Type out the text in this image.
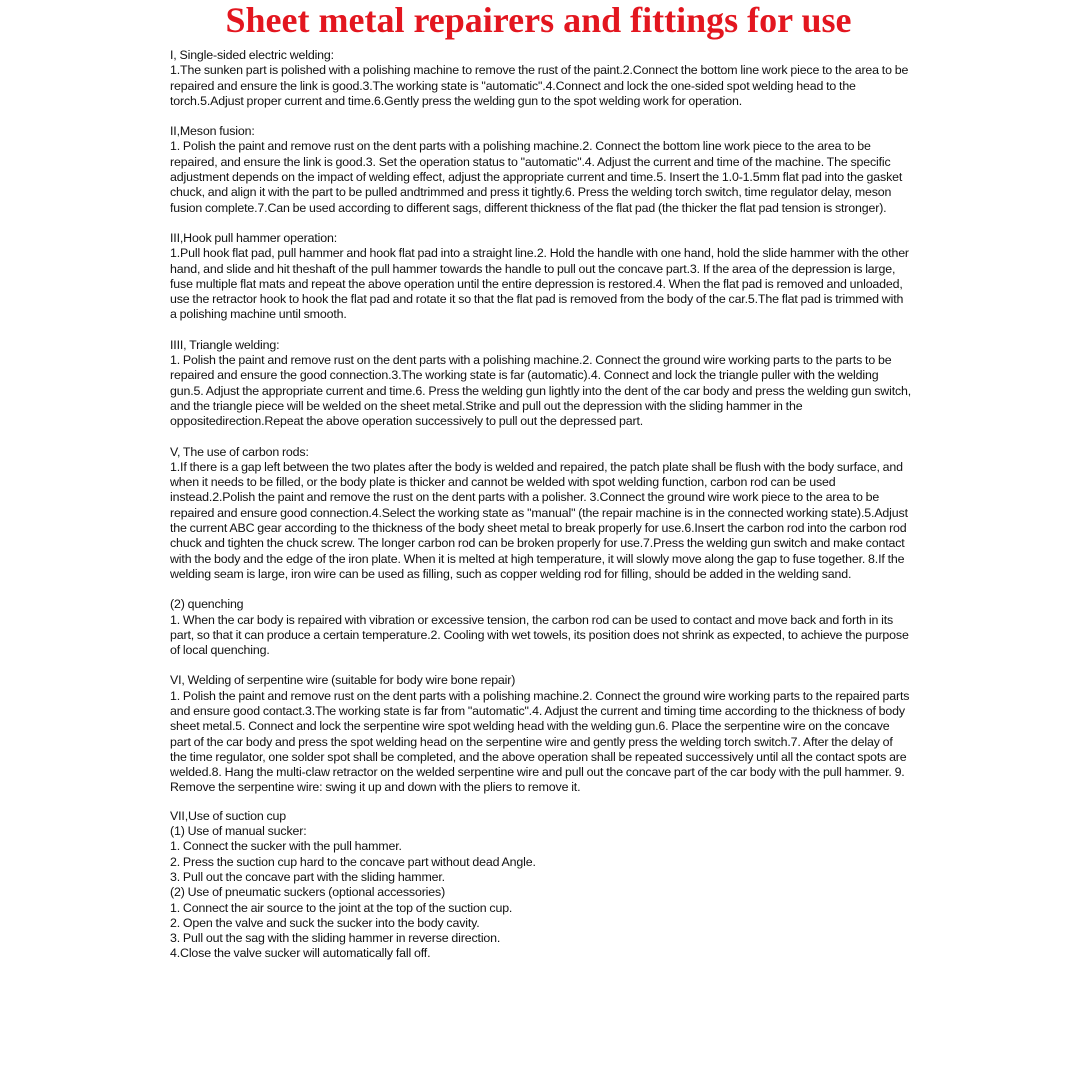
Sheet metal repairers and fittings for use

I, Single-sided electric welding:

1.The sunken part is polished with a polishing machine to remove the rust of the paint.2.Connect the bottom line work piece to the area to be repaired and ensure the link is good.3.The working state is "automatic".4.Connect and lock the one-sided spot welding head to the torch.5.Adjust proper current and time.6.Gently press the welding gun to the spot welding work for operation.

II,Meson fusion:

1. Polish the paint and remove rust on the dent parts with a polishing machine.2. Connect the bottom line work piece to the area to be repaired, and ensure the link is good.3. Set the operation status to "automatic".4. Adjust the current and time of the machine. The specific adjustment depends on the impact of welding effect, adjust the appropriate current and time.5. Insert the 1.0-1.5mm flat pad into the gasket chuck, and align it with the part to be pulled andtrimmed and press it tightly.6. Press the welding torch switch, time regulator delay, meson fusion complete.7.Can be used according to different sags, different thickness of the flat pad (the thicker the flat pad tension is stronger).

III,Hook pull hammer operation:

1.Pull hook flat pad, pull hammer and hook flat pad into a straight line.2. Hold the handle with one hand, hold the slide hammer with the other hand, and slide and hit theshaft of the pull hammer towards the handle to pull out the concave part.3. If the area of the depression is large, fuse multiple flat mats and repeat the above operation until the entire depression is restored.4. When the flat pad is removed and unloaded, use the retractor hook to hook the flat pad and rotate it so that the flat pad is removed from the body of the car.5.The flat pad is trimmed with a polishing machine until smooth.

IIII, Triangle welding:

1. Polish the paint and remove rust on the dent parts with a polishing machine.2. Connect the ground wire working parts to the parts to be repaired and ensure the good connection.3.The working state is far (automatic).4. Connect and lock the triangle puller with the welding gun.5. Adjust the appropriate current and time.6. Press the welding gun lightly into the dent of the car body and press the welding gun switch, and the triangle piece will be welded on the sheet metal.Strike and pull out the depression with the sliding hammer in the oppositedirection.Repeat the above operation successively to pull out the depressed part.

V, The use of carbon rods:

1.If there is a gap left between the two plates after the body is welded and repaired, the patch plate shall be flush with the body surface, and when it needs to be filled, or the body plate is thicker and cannot be welded with spot welding function, carbon rod can be used instead.2.Polish the paint and remove the rust on the dent parts with a polisher. 3.Connect the ground wire work piece to the area to be repaired and ensure good connection.4.Select the working state as "manual" (the repair machine is in the connected working state).5.Adjust the current ABC gear according to the thickness of the body sheet metal to break properly for use.6.Insert the carbon rod into the carbon rod chuck and tighten the chuck screw. The longer carbon rod can be broken properly for use.7.Press the welding gun switch and make contact with the body and the edge of the iron plate. When it is melted at high temperature, it will slowly move along the gap to fuse together. 8.If the welding seam is large, iron wire can be used as filling, such as copper welding rod for filling, should be added in the welding sand.

(2) quenching

1. When the car body is repaired with vibration or excessive tension, the carbon rod can be used to contact and move back and forth in its part, so that it can produce a certain temperature.2. Cooling with wet towels, its position does not shrink as expected, to achieve the purpose of local quenching.

VI, Welding of serpentine wire (suitable for body wire bone repair)

1. Polish the paint and remove rust on the dent parts with a polishing machine.2. Connect the ground wire working parts to the repaired parts and ensure good contact.3.The working state is far from "automatic".4. Adjust the current and timing time according to the thickness of body sheet metal.5. Connect and lock the serpentine wire spot welding head with the welding gun.6. Place the serpentine wire on the concave part of the car body and press the spot welding head on the serpentine wire and gently press the welding torch switch.7. After the delay of the time regulator, one solder spot shall be completed, and the above operation shall be repeated successively until all the contact spots are welded.8. Hang the multi-claw retractor on the welded serpentine wire and pull out the concave part of the car body with the pull hammer. 9. Remove the serpentine wire: swing it up and down with the pliers to remove it.

VII,Use of suction cup

(1) Use of manual sucker:

1. Connect the sucker with the pull hammer.

2. Press the suction cup hard to the concave part without dead Angle.

3. Pull out the concave part with the sliding hammer.

(2) Use of pneumatic suckers (optional accessories)

1. Connect the air source to the joint at the top of the suction cup.

2. Open the valve and suck the sucker into the body cavity.

3. Pull out the sag with the sliding hammer in reverse direction.

4.Close the valve sucker will automatically fall off.
